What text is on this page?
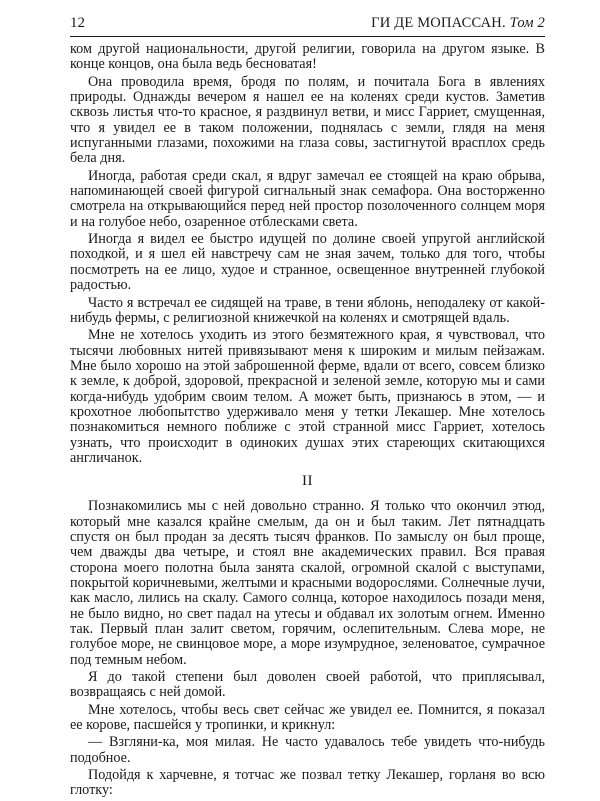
12	ГИ ДЕ МОПАССАН. Том 2

ком другой национальности, другой религии, говорила на другом языке. В конце концов, она была ведь бесноватая!

Она проводила время, бродя по полям, и почитала Бога в явлениях природы. Однажды вечером я нашел ее на коленях среди кустов. Заметив сквозь листья что-то красное, я раздвинул ветви, и мисс Гарриет, смущенная, что я увидел ее в таком положении, поднялась с земли, глядя на меня испуганными глазами, похожими на глаза совы, застигнутой врасплох средь бела дня.

Иногда, работая среди скал, я вдруг замечал ее стоящей на краю обрыва, напоминающей своей фигурой сигнальный знак семафора. Она восторженно смотрела на открывающийся перед ней простор позолоченного солнцем моря и на голубое небо, озаренное отблесками света.

Иногда я видел ее быстро идущей по долине своей упругой английской походкой, и я шел ей навстречу сам не зная зачем, только для того, чтобы посмотреть на ее лицо, худое и странное, освещенное внутренней глубокой радостью.

Часто я встречал ее сидящей на траве, в тени яблонь, неподалеку от какой-нибудь фермы, с религиозной книжечкой на коленях и смотрящей вдаль.

Мне не хотелось уходить из этого безмятежного края, я чувствовал, что тысячи любовных нитей привязывают меня к широким и милым пейзажам. Мне было хорошо на этой заброшенной ферме, вдали от всего, совсем близко к земле, к доброй, здоровой, прекрасной и зеленой земле, которую мы и сами когда-нибудь удобрим своим телом. А может быть, признаюсь в этом, — и крохотное любопытство удерживало меня у тетки Лекашер. Мне хотелось познакомиться немного поближе с этой странной мисс Гарриет, хотелось узнать, что происходит в одиноких душах этих стареющих скитающихся англичанок.

II

Познакомились мы с ней довольно странно. Я только что окончил этюд, который мне казался крайне смелым, да он и был таким. Лет пятнадцать спустя он был продан за десять тысяч франков. По замыслу он был проще, чем дважды два четыре, и стоял вне академических правил. Вся правая сторона моего полотна была занята скалой, огромной скалой с выступами, покрытой коричневыми, желтыми и красными водорослями. Солнечные лучи, как масло, лились на скалу. Самого солнца, которое находилось позади меня, не было видно, но свет падал на утесы и обдавал их золотым огнем. Именно так. Первый план залит светом, горячим, ослепительным. Слева море, не голубое море, не свинцовое море, а море изумрудное, зеленоватое, сумрачное под темным небом.

Я до такой степени был доволен своей работой, что приплясывал, возвращаясь с ней домой.

Мне хотелось, чтобы весь свет сейчас же увидел ее. Помнится, я показал ее корове, пасшейся у тропинки, и крикнул:

— Взгляни-ка, моя милая. Не часто удавалось тебе увидеть что-нибудь подобное.

Подойдя к харчевне, я тотчас же позвал тетку Лекашер, горланя во всю глотку:
